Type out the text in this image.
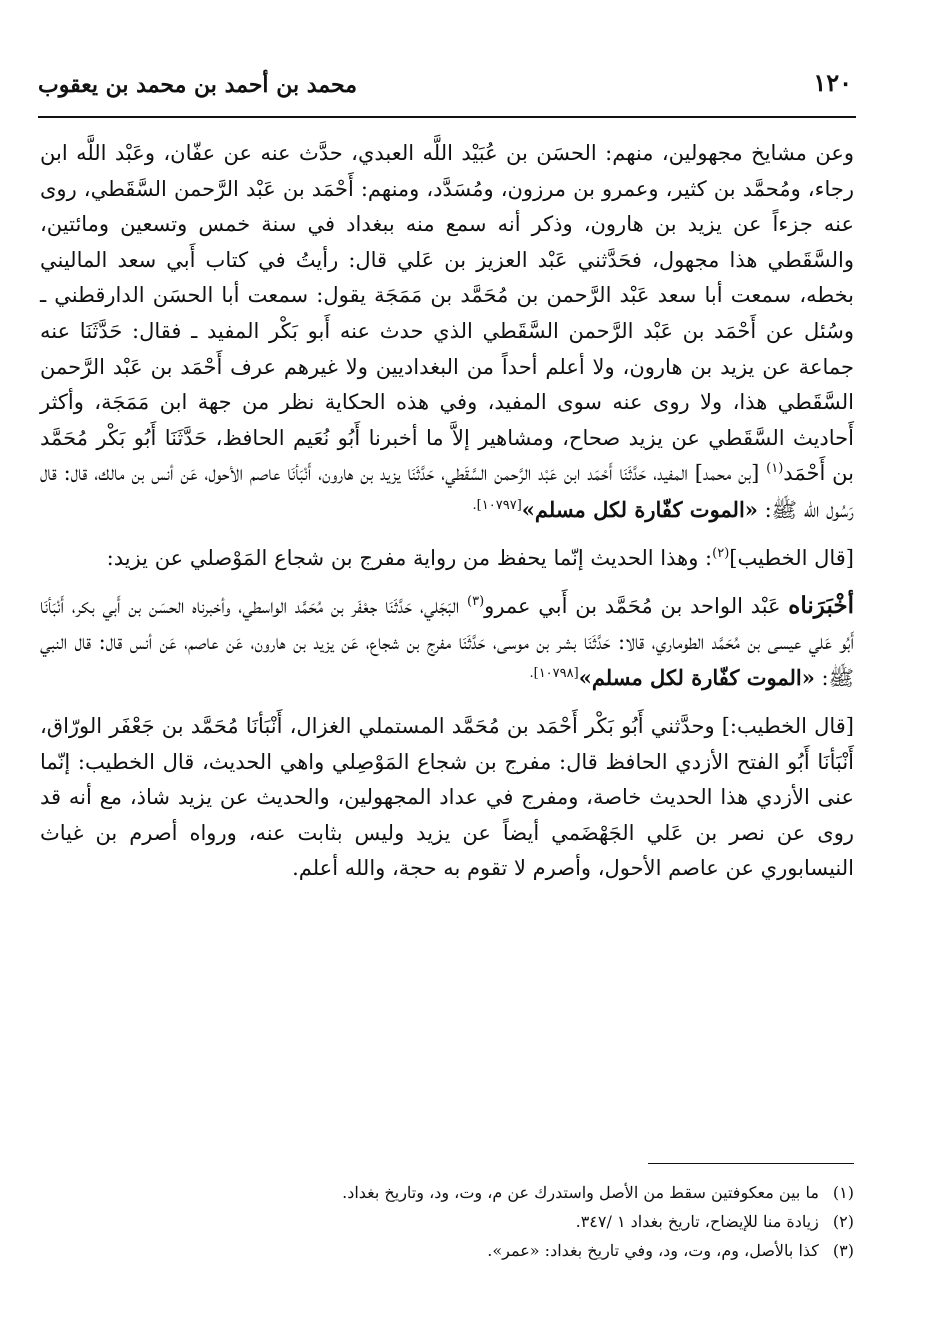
١٢٠
محمد بن أحمد بن محمد بن يعقوب

وعن مشايخ مجهولين، منهم: الحسَن بن عُبَيْد اللَّه العبدي، حدَّث عنه عن عفّان، وعَبْد اللَّه ابن رجاء، ومُحمَّد بن كثير، وعمرو بن مرزون، ومُسَدَّد، ومنهم: أَحْمَد بن عَبْد الرَّحمن السَّقَطي، روى عنه جزءاً عن يزيد بن هارون، وذكر أنه سمع منه ببغداد في سنة خمس وتسعين ومائتين، والسَّقَطي هذا مجهول، فحَدَّثني عَبْد العزيز بن عَلي قال: رأيتُ في كتاب أَبي سعد الماليني بخطه، سمعت أبا سعد عَبْد الرَّحمن بن مُحَمَّد بن مَمَجَة يقول: سمعت أبا الحسَن الدارقطني ـ وسُئل عن أَحْمَد بن عَبْد الرَّحمن السَّقَطي الذي حدث عنه أَبو بَكْر المفيد ـ فقال: حَدَّثَنَا عنه جماعة عن يزيد بن هارون، ولا أعلم أحداً من البغداديين ولا غيرهم عرف أَحْمَد بن عَبْد الرَّحمن السَّقَطي هذا، ولا روى عنه سوى المفيد، وفي هذه الحكاية نظر من جهة ابن مَمَجَة، وأكثر أَحاديث السَّقَطي عن يزيد صحاح، ومشاهير إلاَّ ما أخبرنا أَبُو نُعَيم الحافظ، حَدَّثَنَا أَبُو بَكْر مُحَمَّد بن أَحْمَد$^{(١)}$ [بن محمد] المفيد، حَدَّثَنَا أَحْمَد ابن عَبْد الرَّحمن السَّقَطي، حَدَّثَنَا يزيد بن هارون، أَنْبَأنَا عاصم الأحول، عَن أنس بن مالك، قال: قال رَسُول الله ﷺ: «الموت كفّارة لكل مسلم»$^{[١٠٧٩٧].}$

[قال الخطيب]$^{(٢)}$: وهذا الحديث إنّما يحفظ من رواية مفرج بن شجاع المَوْصلي عن يزيد:

أخْبَرَناه عَبْد الواحد بن مُحَمَّد بن أَبي عمرو$^{(٣)}$ البَجَلي، حَدَّثَنَا جعْفَر بن مُحَمَّد الواسطي، وأخبرناه الحسَن بن أَبي بكر، أَنْبَأنَا أَبُو عَلي عيسى بن مُحَمَّد الطوماري، قالا: حَدَّثَنَا بشر بن موسى، حَدَّثَنَا مفرج بن شجاع، عَن يزيد بن هارون، عَن عاصم، عَن أنس قال: قال النبي ﷺ: «الموت كفّارة لكل مسلم»$^{[١٠٧٩٨].}$

[قال الخطيب:] وحدَّثني أَبُو بَكْر أَحْمَد بن مُحَمَّد المستملي الغزال، أَنْبَأنَا مُحَمَّد بن جَعْفَر الورّاق، أَنْبَأنَا أَبُو الفتح الأزدي الحافظ قال: مفرج بن شجاع المَوْصِلي واهي الحديث، قال الخطيب: إنّما عنى الأزدي هذا الحديث خاصة، ومفرج في عداد المجهولين، والحديث عن يزيد شاذ، مع أنه قد روى عن نصر بن عَلي الجَهْضَمي أيضاً عن يزيد وليس بثابت عنه، ورواه أصرم بن غياث النيسابوري عن عاصم الأحول، وأصرم لا تقوم به حجة، والله أعلم.

(١) ما بين معكوفتين سقط من الأصل واستدرك عن م، وت، ود، وتاريخ بغداد.

(٢) زيادة منا للإيضاح، تاريخ بغداد ١ /٣٤٧.

(٣) كذا بالأصل، وم، وت، ود، وفي تاريخ بغداد: «عمر».
